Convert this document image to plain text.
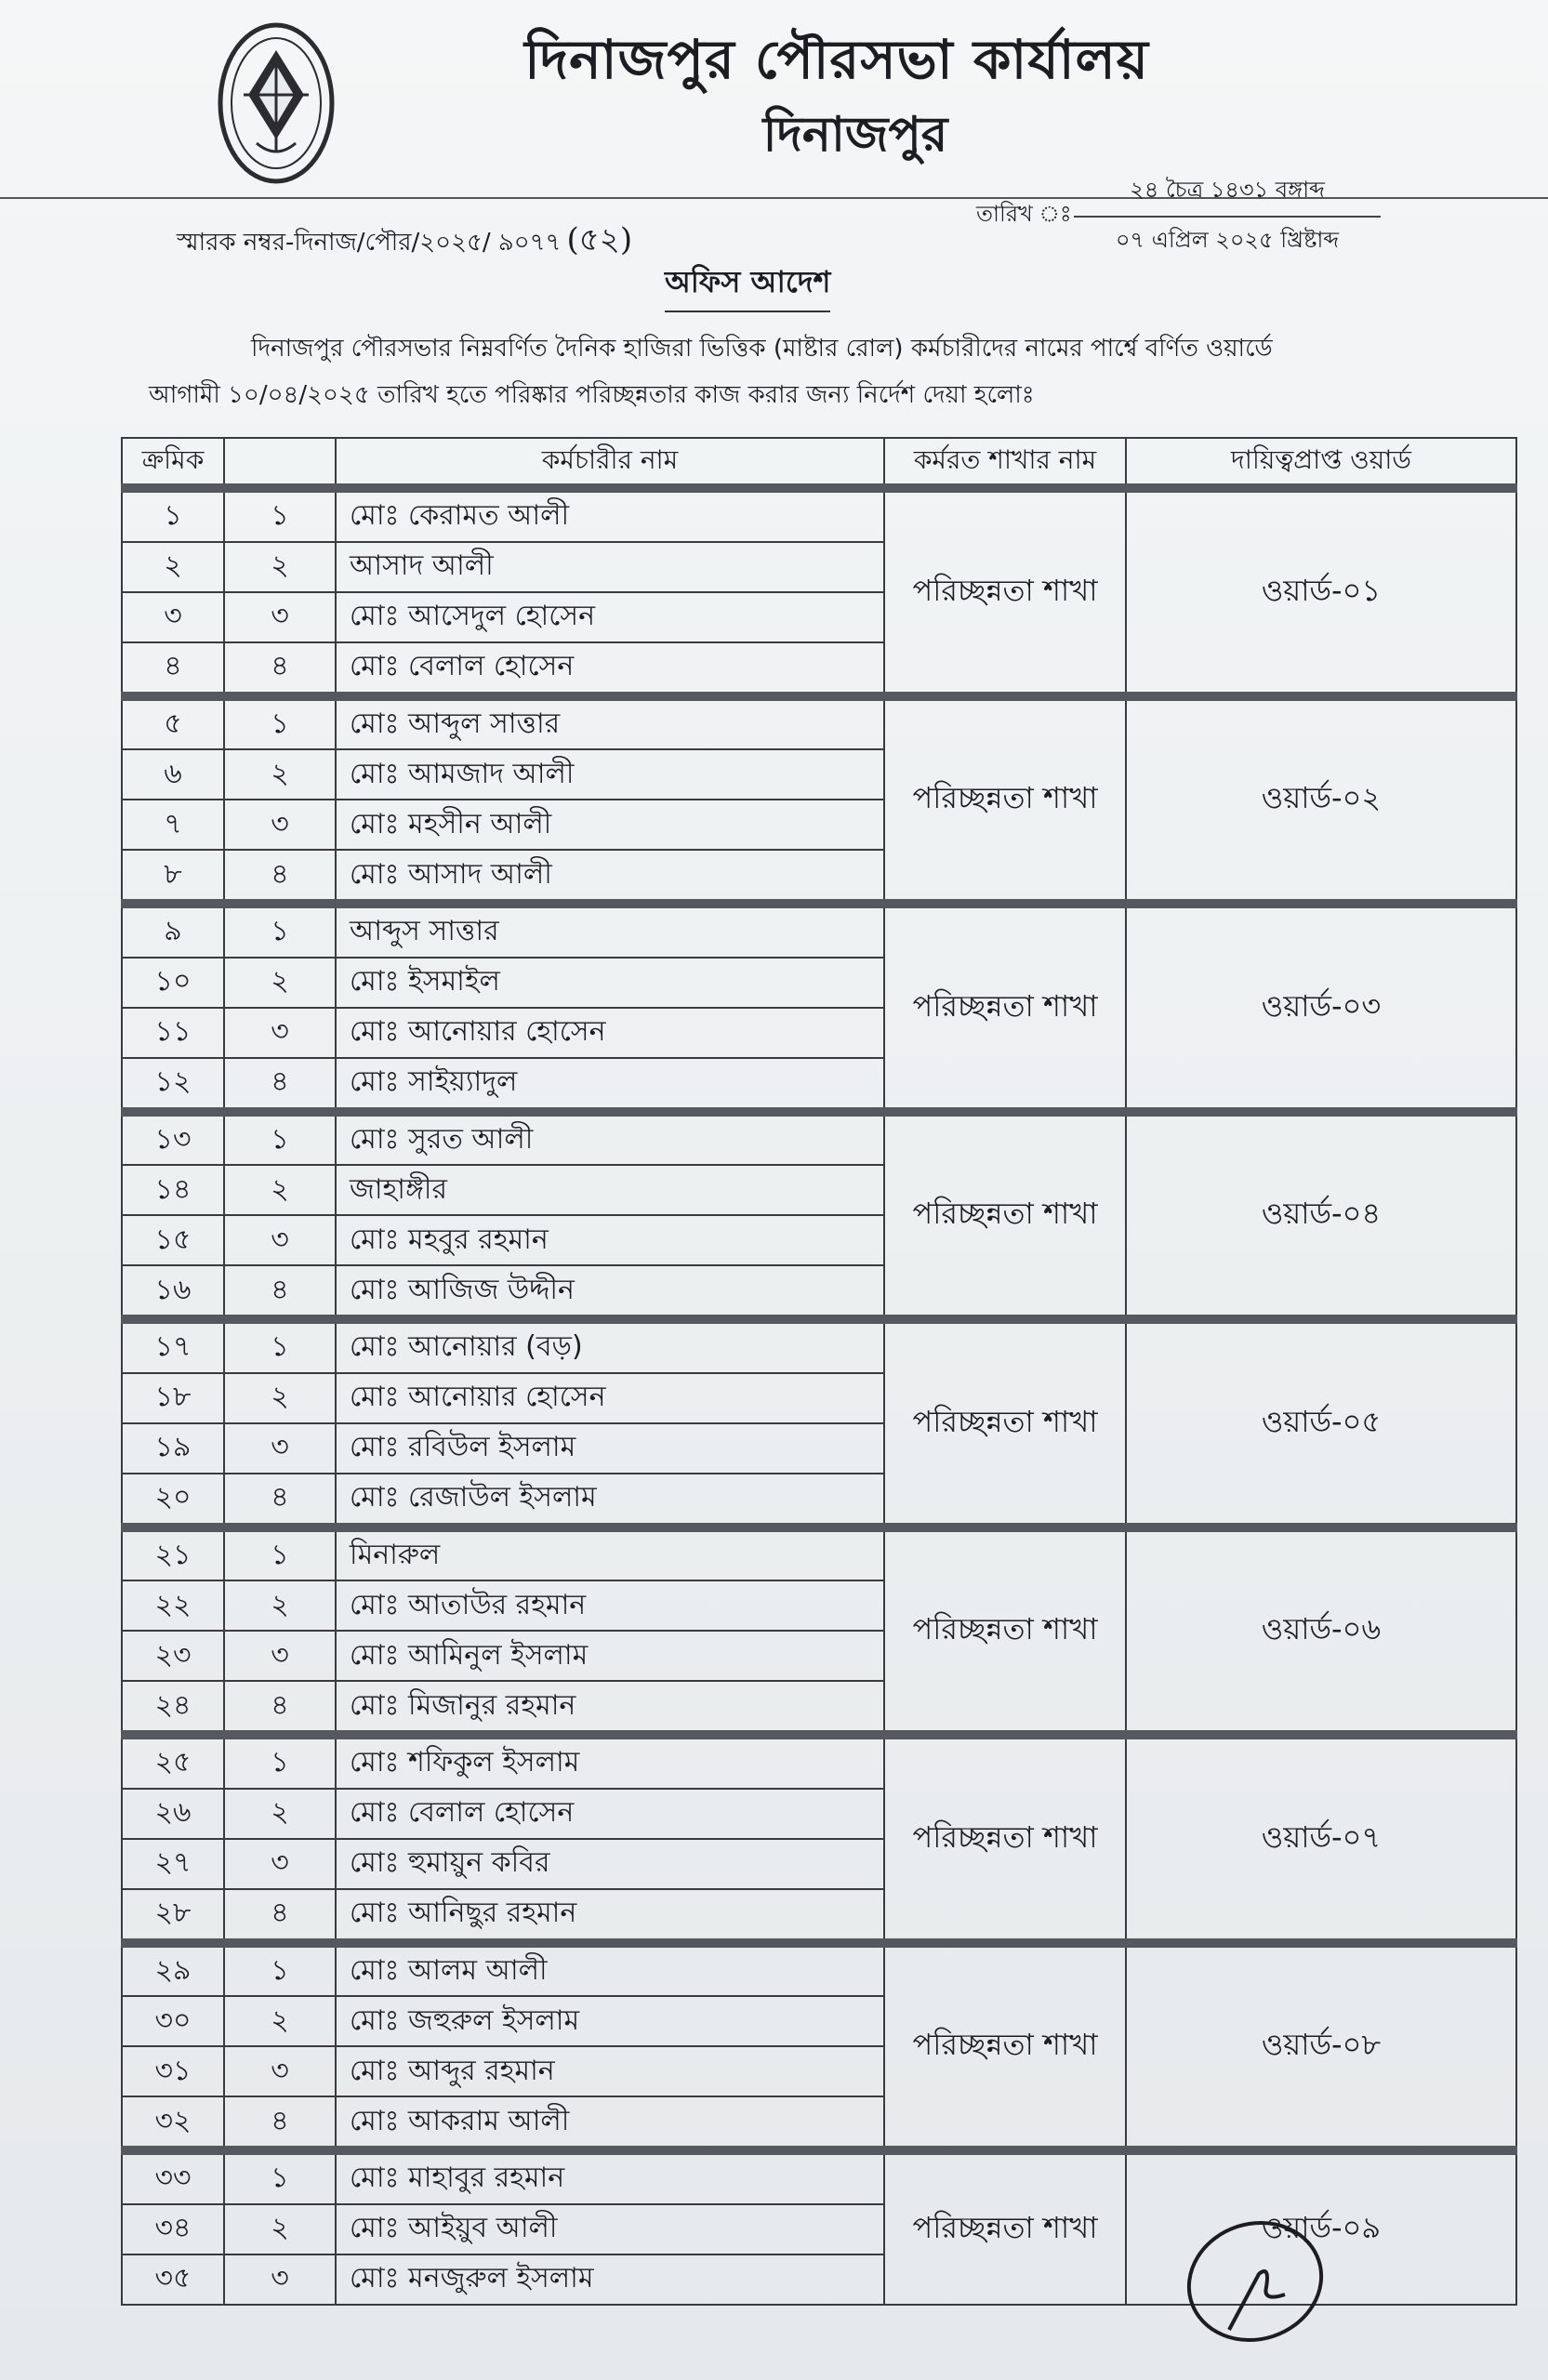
দিনাজপুর পৌরসভা কার্যালয়
দিনাজপুর
স্মারক নম্বর-দিনাজ/পৌর/২০২৫/ ৯০৭৭ (৫২)
তারিখ ঃ
২৪ চৈত্র ১৪৩১ বঙ্গাব্দ
০৭ এপ্রিল ২০২৫ খ্রিষ্টাব্দ
অফিস আদেশ
দিনাজপুর পৌরসভার নিম্নবর্ণিত দৈনিক হাজিরা ভিত্তিক (মাষ্টার রোল) কর্মচারীদের নামের পার্শ্বে বর্ণিত ওয়ার্ডে
আগামী ১০/০৪/২০২৫ তারিখ হতে পরিষ্কার পরিচ্ছন্নতার কাজ করার জন্য নির্দেশ দেয়া হলোঃ
ক্রমিক		কর্মচারীর নাম	কর্মরত শাখার নাম	দায়িত্বপ্রাপ্ত ওয়ার্ড
১	১	মোঃ কেরামত আলী	পরিচ্ছন্নতা শাখা	ওয়ার্ড-০১
২	২	আসাদ আলী		
৩	৩	মোঃ আসেদুল হোসেন		
৪	৪	মোঃ বেলাল হোসেন		
৫	১	মোঃ আব্দুল সাত্তার	পরিচ্ছন্নতা শাখা	ওয়ার্ড-০২
৬	২	মোঃ আমজাদ আলী		
৭	৩	মোঃ মহসীন আলী		
৮	৪	মোঃ আসাদ আলী		
৯	১	আব্দুস সাত্তার	পরিচ্ছন্নতা শাখা	ওয়ার্ড-০৩
১০	২	মোঃ ইসমাইল		
১১	৩	মোঃ আনোয়ার হোসেন		
১২	৪	মোঃ সাইয়্যাদুল		
১৩	১	মোঃ সুরত আলী	পরিচ্ছন্নতা শাখা	ওয়ার্ড-০৪
১৪	২	জাহাঙ্গীর		
১৫	৩	মোঃ মহবুর রহমান		
১৬	৪	মোঃ আজিজ উদ্দীন		
১৭	১	মোঃ আনোয়ার (বড়)	পরিচ্ছন্নতা শাখা	ওয়ার্ড-০৫
১৮	২	মোঃ আনোয়ার হোসেন		
১৯	৩	মোঃ রবিউল ইসলাম		
২০	৪	মোঃ রেজাউল ইসলাম		
২১	১	মিনারুল	পরিচ্ছন্নতা শাখা	ওয়ার্ড-০৬
২২	২	মোঃ আতাউর রহমান		
২৩	৩	মোঃ আমিনুল ইসলাম		
২৪	৪	মোঃ মিজানুর রহমান		
২৫	১	মোঃ শফিকুল ইসলাম	পরিচ্ছন্নতা শাখা	ওয়ার্ড-০৭
২৬	২	মোঃ বেলাল হোসেন		
২৭	৩	মোঃ হুমায়ুন কবির		
২৮	৪	মোঃ আনিছুর রহমান		
২৯	১	মোঃ আলম আলী	পরিচ্ছন্নতা শাখা	ওয়ার্ড-০৮
৩০	২	মোঃ জহুরুল ইসলাম		
৩১	৩	মোঃ আব্দুর রহমান		
৩২	৪	মোঃ আকরাম আলী		
৩৩	১	মোঃ মাহাবুর রহমান	পরিচ্ছন্নতা শাখা	ওয়ার্ড-০৯
৩৪	২	মোঃ আইয়ুব আলী		
৩৫	৩	মোঃ মনজুরুল ইসলাম		
